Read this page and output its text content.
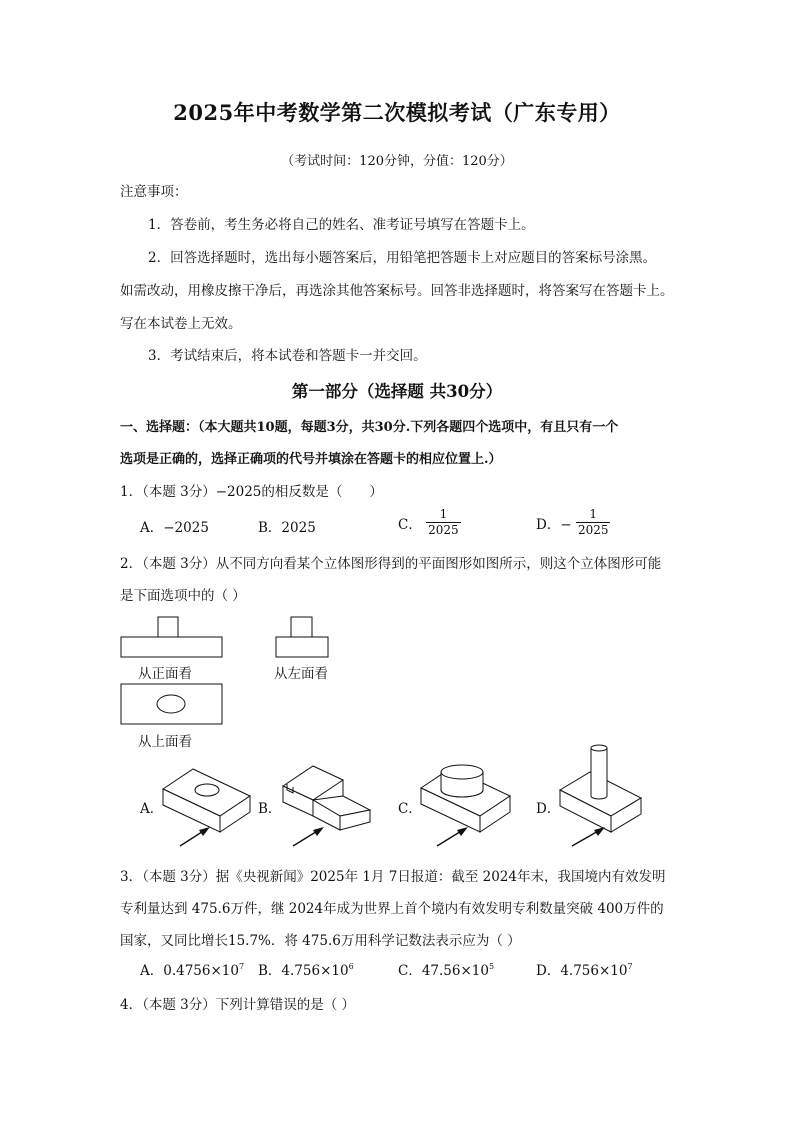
2025年中考数学第二次模拟考试（广东专用）
（考试时间：120分钟，分值：120分）
注意事项：
1．答卷前，考生务必将自己的姓名、准考证号填写在答题卡上。
2．回答选择题时，选出每小题答案后，用铅笔把答题卡上对应题目的答案标号涂黑。
如需改动，用橡皮擦干净后，再选涂其他答案标号。回答非选择题时，将答案写在答题卡上。
写在本试卷上无效。
3．考试结束后，将本试卷和答题卡一并交回。
第一部分（选择题 共30分）
一、选择题：（本大题共10题，每题3分，共30分.下列各题四个选项中，有且只有一个
选项是正确的，选择正确项的代号并填涂在答题卡的相应位置上.）
1．（本题 3分）−2025的相反数是（　　）
A．−2025	B．2025	C． $\frac{1}{2025}$	D．− $\frac{1}{2025}$
2．（本题 3分）从不同方向看某个立体图形得到的平面图形如图所示，则这个立体图形可能
是下面选项中的（ ）
从正面看	从左面看
从上面看
A．	B．	C．	D．
3．（本题 3分）据《央视新闻》2025年 1月 7日报道：截至 2024年末，我国境内有效发明
专利量达到 475.6万件，继 2024年成为世界上首个境内有效发明专利数量突破 400万件的
国家，又同比增长15.7%．将 475.6万用科学记数法表示应为（ ）
A．$0.4756\times 10^7$ B．$4.756\times 10^6$	C．$47.56\times 10^5$	D．$4.756\times 10^7$
4．（本题 3分）下列计算错误的是（ ）
